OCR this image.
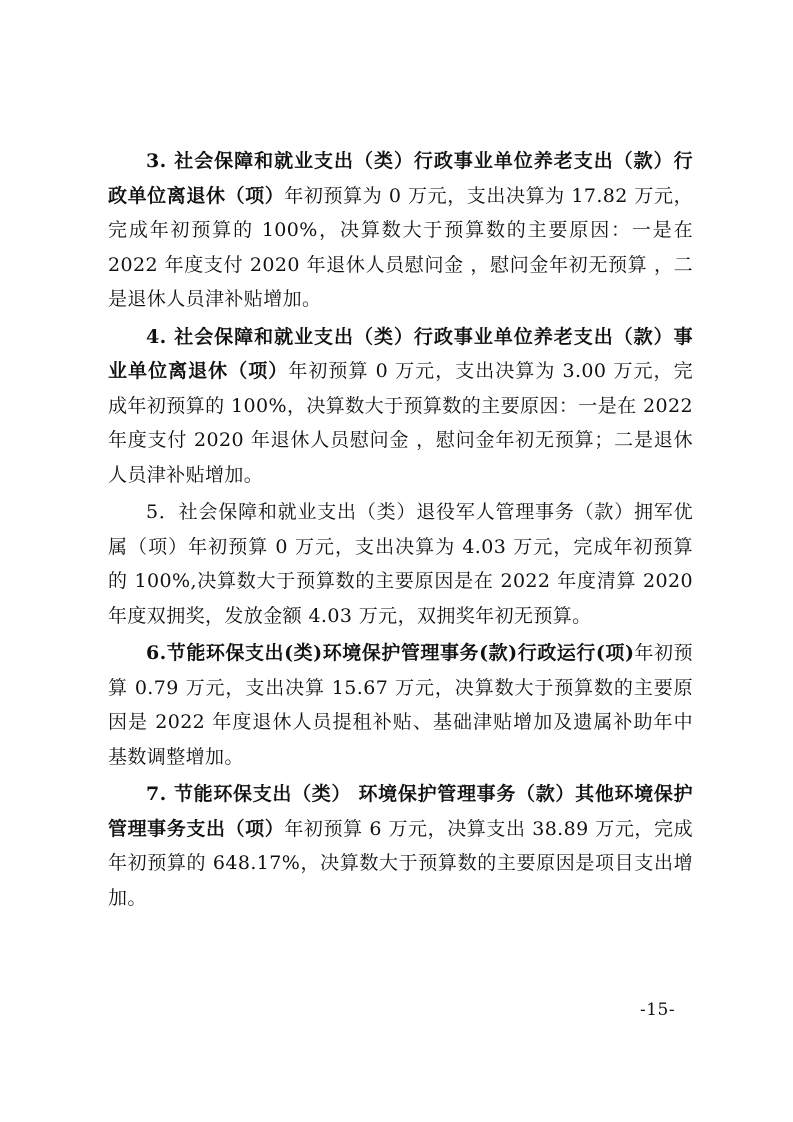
3. 社会保障和就业支出（类）行政事业单位养老支出（款）行政单位离退休（项）年初预算为 0 万元，支出决算为 17.82 万元，完成年初预算的 100%，决算数大于预算数的主要原因：一是在 2022 年度支付 2020 年退休人员慰问金 ，慰问金年初无预算 ，二是退休人员津补贴增加。

4. 社会保障和就业支出（类）行政事业单位养老支出（款）事业单位离退休（项）年初预算 0 万元，支出决算为 3.00 万元，完成年初预算的 100%，决算数大于预算数的主要原因：一是在 2022 年度支付 2020 年退休人员慰问金 ，慰问金年初无预算；二是退休人员津补贴增加。

5．社会保障和就业支出（类）退役军人管理事务（款）拥军优属（项）年初预算 0 万元，支出决算为 4.03 万元，完成年初预算的 100%,决算数大于预算数的主要原因是在 2022 年度清算 2020 年度双拥奖，发放金额 4.03 万元，双拥奖年初无预算。

6.节能环保支出(类)环境保护管理事务(款)行政运行(项)年初预算 0.79 万元，支出决算 15.67 万元，决算数大于预算数的主要原因是 2022 年度退休人员提租补贴、基础津贴增加及遗属补助年中基数调整增加。

7. 节能环保支出（类） 环境保护管理事务（款）其他环境保护管理事务支出（项）年初预算 6 万元，决算支出 38.89 万元，完成年初预算的 648.17%，决算数大于预算数的主要原因是项目支出增加。

-15-
